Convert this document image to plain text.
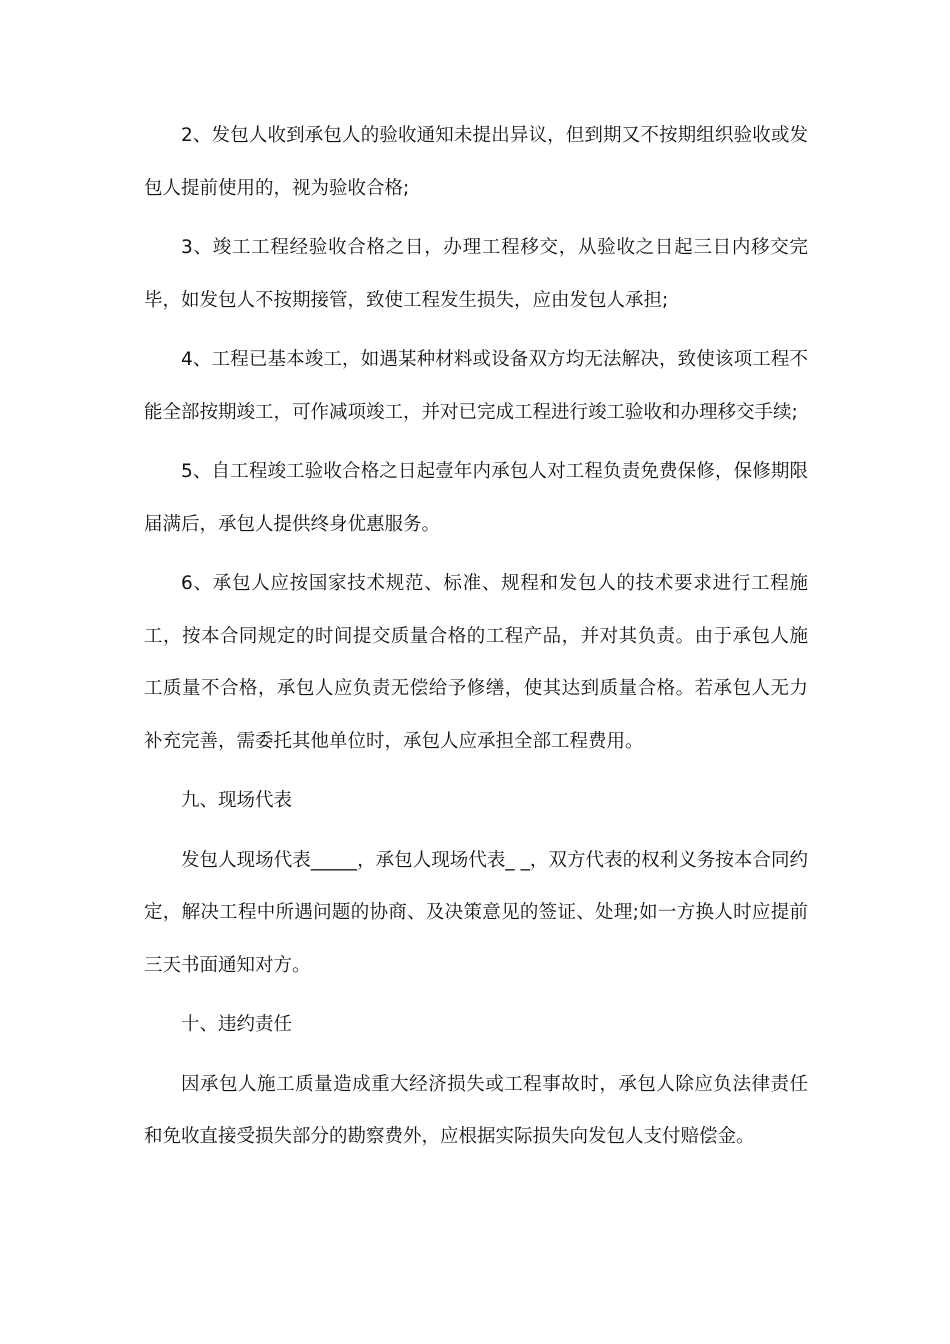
2、发包人收到承包人的验收通知未提出异议，但到期又不按期组织验收或发包人提前使用的，视为验收合格;

3、竣工工程经验收合格之日，办理工程移交，从验收之日起三日内移交完毕，如发包人不按期接管，致使工程发生损失，应由发包人承担;

4、工程已基本竣工，如遇某种材料或设备双方均无法解决，致使该项工程不能全部按期竣工，可作减项竣工，并对已完成工程进行竣工验收和办理移交手续;

5、自工程竣工验收合格之日起壹年内承包人对工程负责免费保修，保修期限届满后，承包人提供终身优惠服务。

6、承包人应按国家技术规范、标准、规程和发包人的技术要求进行工程施工，按本合同规定的时间提交质量合格的工程产品，并对其负责。由于承包人施工质量不合格，承包人应负责无偿给予修缮，使其达到质量合格。若承包人无力补充完善，需委托其他单位时，承包人应承担全部工程费用。

九、现场代表

发包人现场代表_____，承包人现场代表_ _，双方代表的权利义务按本合同约定，解决工程中所遇问题的协商、及决策意见的签证、处理;如一方换人时应提前三天书面通知对方。

十、违约责任

因承包人施工质量造成重大经济损失或工程事故时，承包人除应负法律责任和免收直接受损失部分的勘察费外，应根据实际损失向发包人支付赔偿金。
